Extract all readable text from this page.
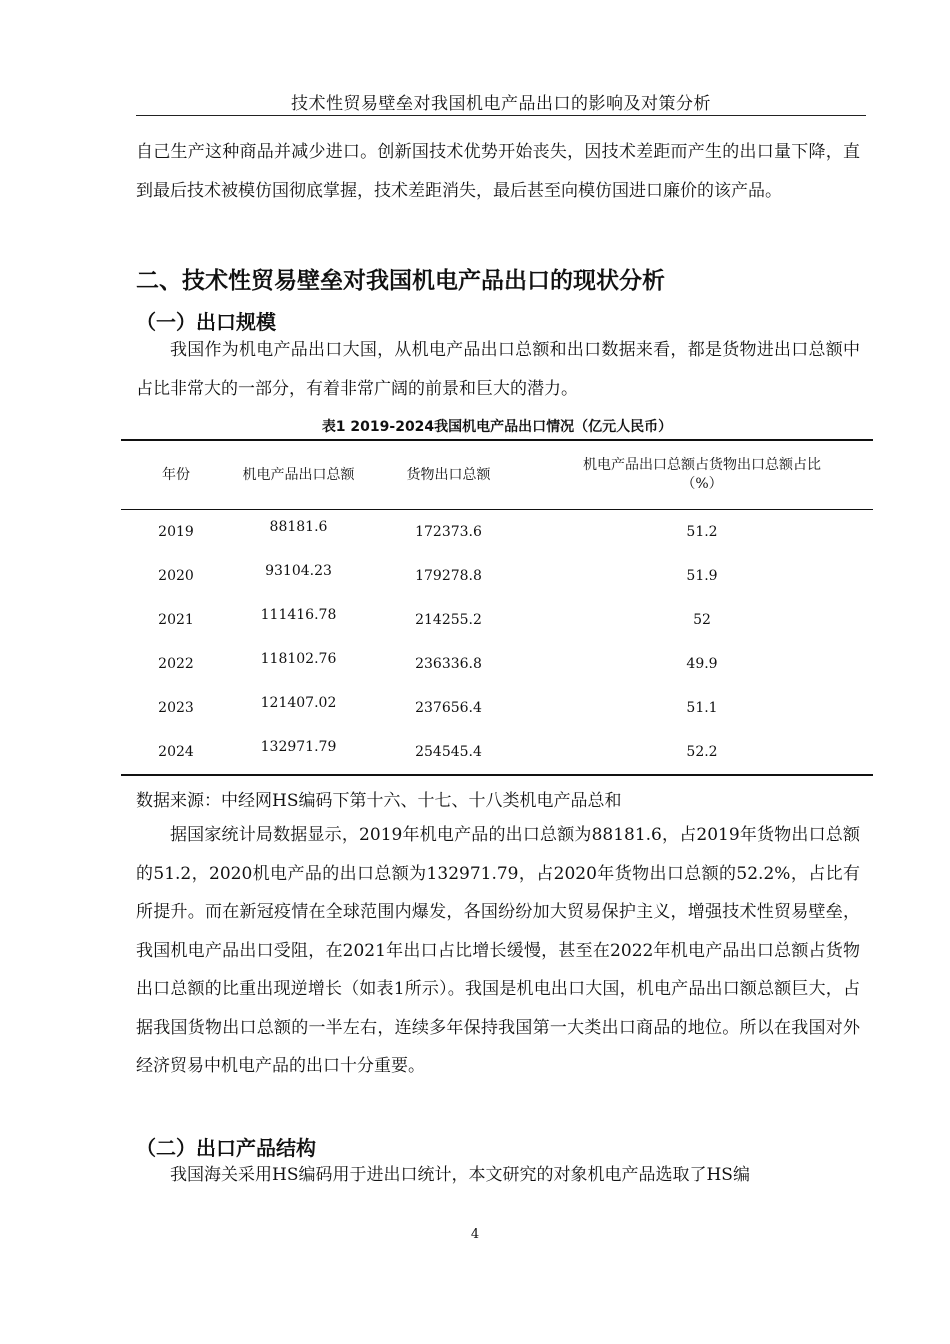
技术性贸易壁垒对我国机电产品出口的影响及对策分析

自己生产这种商品并减少进口。创新国技术优势开始丧失，因技术差距而产生的出口量下降，直到最后技术被模仿国彻底掌握，技术差距消失，最后甚至向模仿国进口廉价的该产品。

二、技术性贸易壁垒对我国机电产品出口的现状分析
（一）出口规模

我国作为机电产品出口大国，从机电产品出口总额和出口数据来看，都是货物进出口总额中占比非常大的一部分，有着非常广阔的前景和巨大的潜力。

表1 2019-2024我国机电产品出口情况（亿元人民币）
年份	机电产品出口总额	货物出口总额	机电产品出口总额占货物出口总额占比
（%）

2019	88181.6	172373.6	51.2
2020	93104.23	179278.8	51.9
2021	111416.78	214255.2	52
2022	118102.76	236336.8	49.9
2023	121407.02	237656.4	51.1
2024	132971.79	254545.4	52.2
数据来源：中经网HS编码下第十六、十七、十八类机电产品总和

据国家统计局数据显示，2019年机电产品的出口总额为88181.6，占2019年货物出口总额的51.2，2020机电产品的出口总额为132971.79，占2020年货物出口总额的52.2%，占比有所提升。而在新冠疫情在全球范围内爆发，各国纷纷加大贸易保护主义，增强技术性贸易壁垒，我国机电产品出口受阻，在2021年出口占比增长缓慢，甚至在2022年机电产品出口总额占货物出口总额的比重出现逆增长（如表1所示）。我国是机电出口大国，机电产品出口额总额巨大，占据我国货物出口总额的一半左右，连续多年保持我国第一大类出口商品的地位。所以在我国对外经济贸易中机电产品的出口十分重要。

（二）出口产品结构

我国海关采用HS编码用于进出口统计，本文研究的对象机电产品选取了HS编

4
